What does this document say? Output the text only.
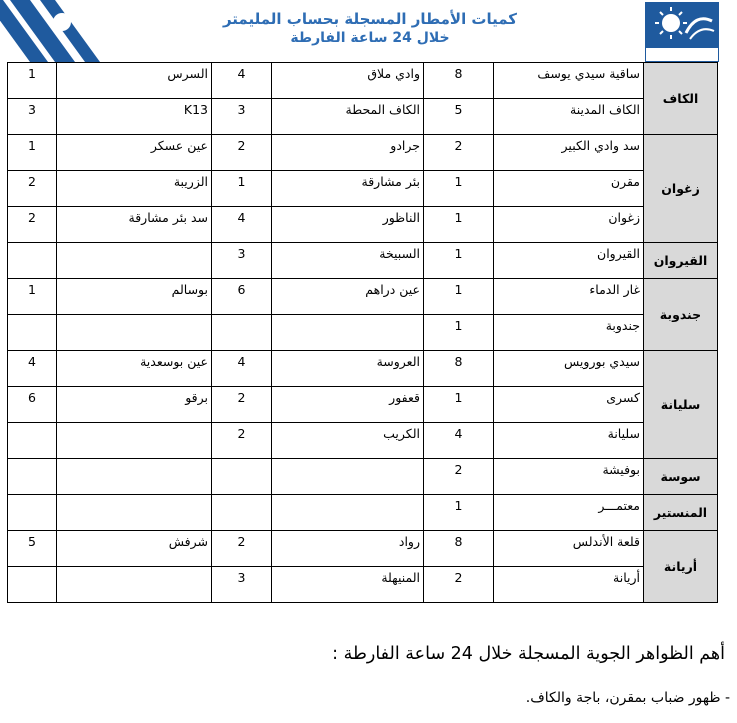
كميات الأمطار المسجلة بحساب المليمتر
خلال 24 ساعة الفارطة
الكاف	ساقية سيدي يوسف	8	وادي ملاق	4	السرس	1
	الكاف المدينة	5	الكاف المحطة	3	K13	3
زغوان	سد وادي الكبير	2	جرادو	2	عين عسكر	1
	مقرن	1	بئر مشارقة	1	الزريبة	2
	زغوان	1	الناظور	4	سد بئر مشارقة	2
القيروان	القيروان	1	السبيخة	3		
جندوبة	غار الدماء	1	عين دراهم	6	بوسالم	1
	جندوبة	1				
سليانة	سيدي بورويس	8	العروسة	4	عين بوسعدية	4
	كسرى	1	قعفور	2	برقو	6
	سليانة	4	الكريب	2		
سوسة	بوفيشة	2				
المنستير	معتمـــر	1				
أريانة	قلعة الأندلس	8	رواد	2	شرفش	5
	أريانة	2	المنيهلة	3		
أهم الظواهر الجوية المسجلة خلال 24 ساعة الفارطة :
- ظهور ضباب بمقرن، باجة والكاف.
